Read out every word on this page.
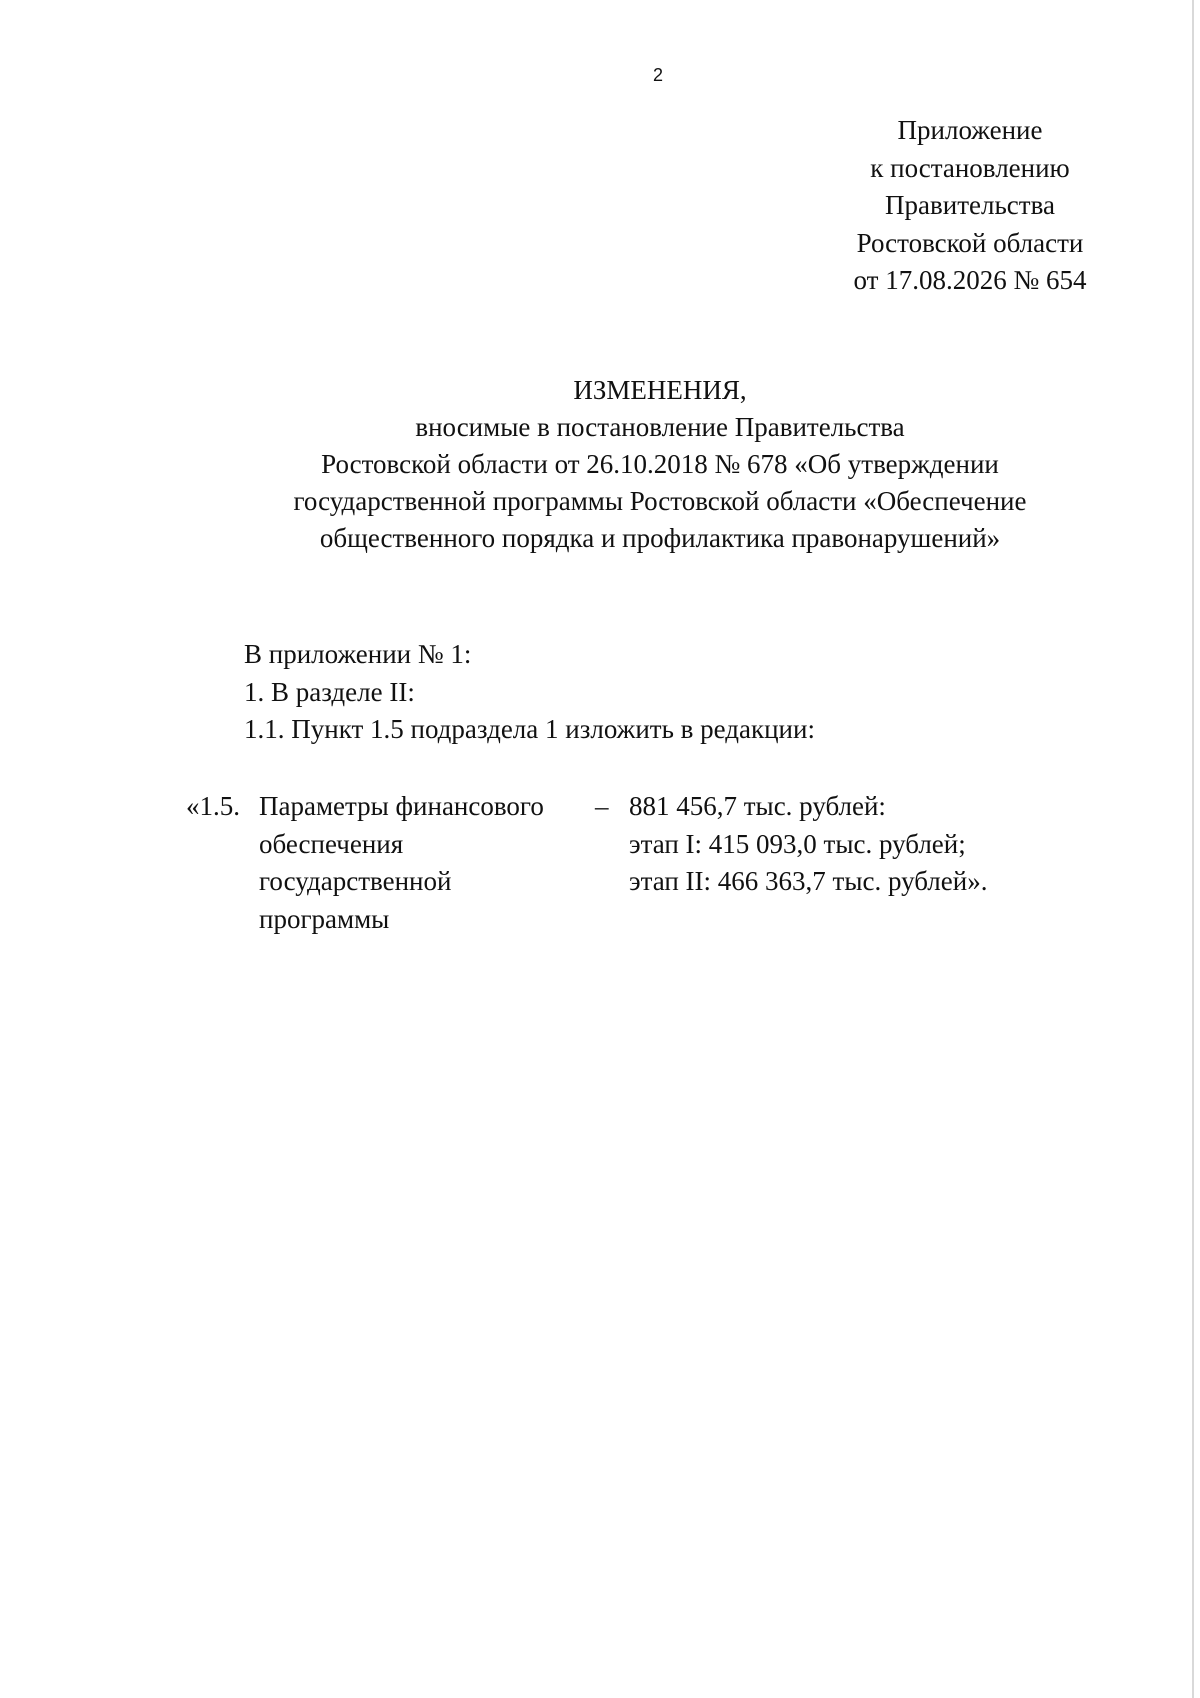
2
Приложение
к постановлению
Правительства
Ростовской области
от 17.08.2026 № 654
ИЗМЕНЕНИЯ,
вносимые в постановление Правительства
Ростовской области от 26.10.2018 № 678 «Об утверждении
государственной программы Ростовской области «Обеспечение
общественного порядка и профилактика правонарушений»
В приложении № 1:
1. В разделе II:
1.1. Пункт 1.5 подраздела 1 изложить в редакции:
«1.5. Параметры финансового
обеспечения
государственной
программы
– 881 456,7 тыс. рублей:
этап I: 415 093,0 тыс. рублей;
этап II: 466 363,7 тыс. рублей».
